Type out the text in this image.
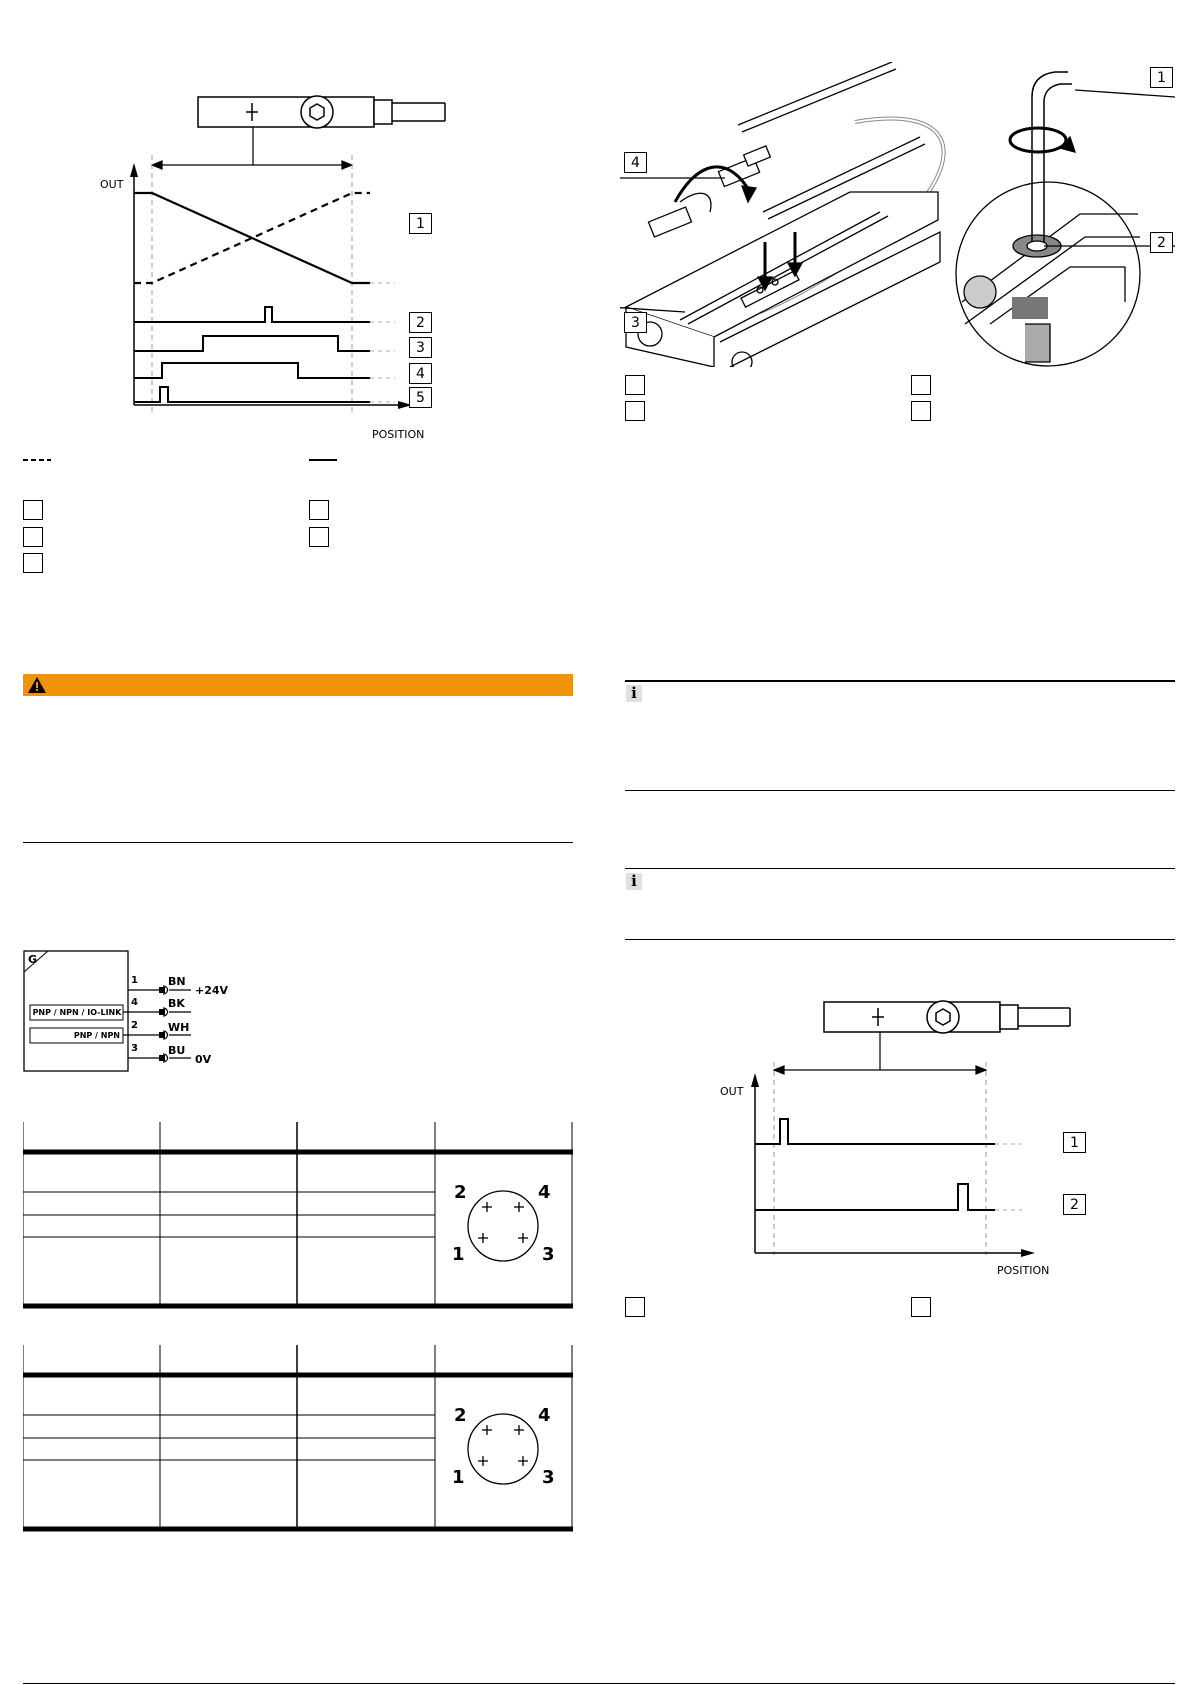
OUT
POSITION
1
2
3
4
5
1
2
3
4
i
i
G
PNP / NPN / IO-LINK
PNP / NPN
1	BN
+24V
4	BK
2	WH
3	BU
0V
2	4
1	3
2	4
1	3
OUT
POSITION
1
2
